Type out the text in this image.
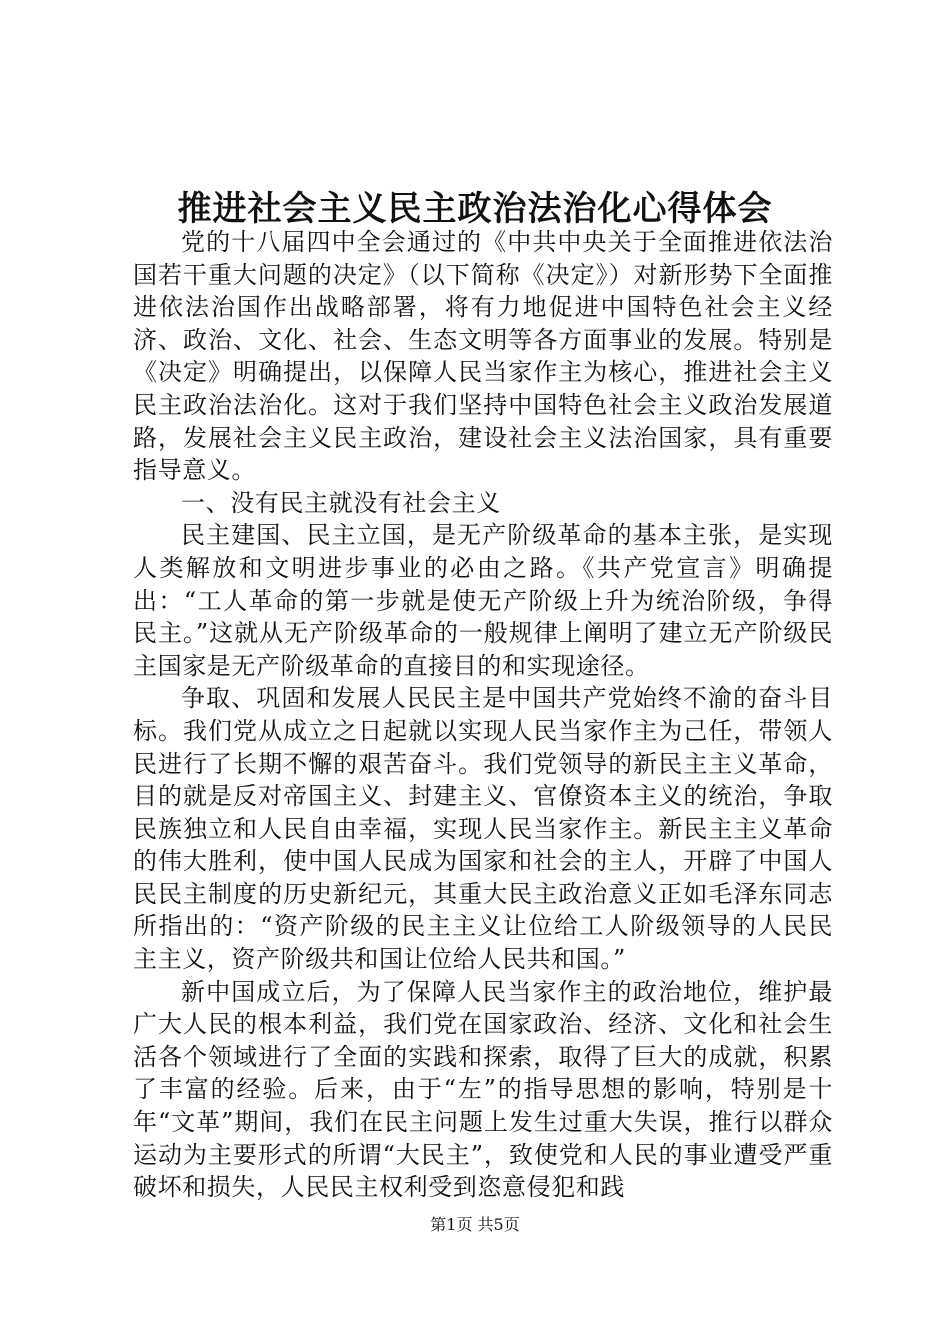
推进社会主义民主政治法治化心得体会

党的十八届四中全会通过的《中共中央关于全面推进依法治国若干重大问题的决定》（以下简称《决定》）对新形势下全面推进依法治国作出战略部署，将有力地促进中国特色社会主义经济、政治、文化、社会、生态文明等各方面事业的发展。特别是《决定》明确提出，以保障人民当家作主为核心，推进社会主义民主政治法治化。这对于我们坚持中国特色社会主义政治发展道路，发展社会主义民主政治，建设社会主义法治国家，具有重要指导意义。

一、没有民主就没有社会主义

民主建国、民主立国，是无产阶级革命的基本主张，是实现人类解放和文明进步事业的必由之路。《共产党宣言》明确提出：“工人革命的第一步就是使无产阶级上升为统治阶级，争得民主。”这就从无产阶级革命的一般规律上阐明了建立无产阶级民主国家是无产阶级革命的直接目的和实现途径。

争取、巩固和发展人民民主是中国共产党始终不渝的奋斗目标。我们党从成立之日起就以实现人民当家作主为己任，带领人民进行了长期不懈的艰苦奋斗。我们党领导的新民主主义革命，目的就是反对帝国主义、封建主义、官僚资本主义的统治，争取民族独立和人民自由幸福，实现人民当家作主。新民主主义革命的伟大胜利，使中国人民成为国家和社会的主人，开辟了中国人民民主制度的历史新纪元，其重大民主政治意义正如毛泽东同志所指出的：“资产阶级的民主主义让位给工人阶级领导的人民民主主义，资产阶级共和国让位给人民共和国。”

新中国成立后，为了保障人民当家作主的政治地位，维护最广大人民的根本利益，我们党在国家政治、经济、文化和社会生活各个领域进行了全面的实践和探索，取得了巨大的成就，积累了丰富的经验。后来，由于“左”的指导思想的影响，特别是十年“文革”期间，我们在民主问题上发生过重大失误，推行以群众运动为主要形式的所谓“大民主”，致使党和人民的事业遭受严重破坏和损失，人民民主权利受到恣意侵犯和践

第1页 共5页
